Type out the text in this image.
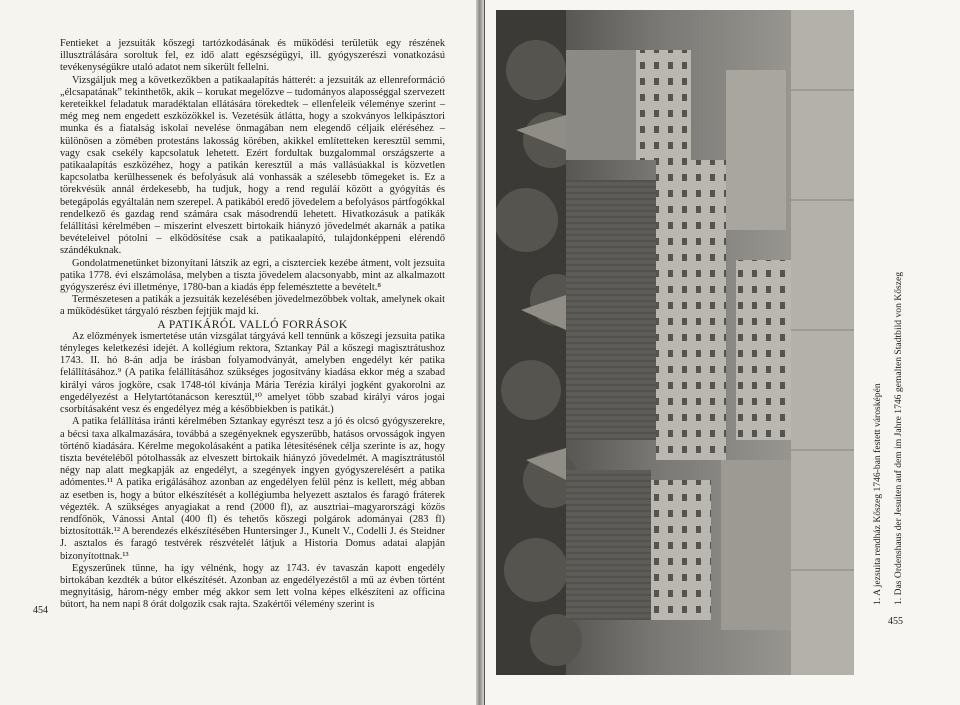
Fentieket a jezsuiták kőszegi tartózkodásának és működési területük egy részének illusztrálására soroltuk fel, ez idő alatt egészségügyi, ill. gyógyszerészi vonatkozású tevékenységükre utaló adatot nem sikerült fellelni.

Vizsgáljuk meg a következőkben a patikaalapítás hátterét: a jezsuiták az ellenreformáció „élcsapatának” tekinthetők, akik – korukat megelőzve – tudományos alaposséggal szervezett kereteikkel feladatuk maradéktalan ellátására törekedtek – ellenfeleik véleménye szerint – még meg nem engedett eszközökkel is. Vezetésük átlátta, hogy a szokványos lelkipásztori munka és a fiatalság iskolai nevelése önmagában nem elegendő céljaik eléréséhez – különösen a zömében protestáns lakosság körében, akikkel említetteken keresztül semmi, vagy csak csekély kapcsolatuk lehetett. Ezért fordultak buzgalommal országszerte a patikaalapítás eszközéhez, hogy a patikán keresztül a más vallásúakkal is közvetlen kapcsolatba kerülhessenek és befolyásuk alá vonhassák a szélesebb tömegeket is. Ez a törekvésük annál érdekesebb, ha tudjuk, hogy a rend reguláí között a gyógyítás és betegápolás egyáltalán nem szerepel. A patikából eredő jövedelem a befolyásos pártfogókkal rendelkező és gazdag rend számára csak másodrendű lehetett. Hivatkozásuk a patikák felállítási kérelmében – miszerint elveszett birtokaik hiányzó jövedelmét akarnák a patika bevételeivel pótolni – elködösítése csak a patikaalapító, tulajdonképpeni elérendő szándékuknak.

Gondolatmenetünket bizonyítani látszik az egri, a ciszterciek kezébe átment, volt jezsuita patika 1778. évi elszámolása, melyben a tiszta jövedelem alacsonyabb, mint az alkalmazott gyógyszerész évi illetménye, 1780-ban a kiadás épp felemésztette a bevételt.⁸

Természetesen a patikák a jezsuiták kezelésében jövedelmezőbbek voltak, amelynek okait a működésüket tárgyaló részben fejtjük majd ki.

A PATIKÁRÓL VALLÓ FORRÁSOK

Az előzmények ismertetése után vizsgálat tárgyává kell tennünk a kőszegi jezsuita patika tényleges keletkezési idejét. A kollégium rektora, Sztankay Pál a kőszegi magisztrátushoz 1743. II. hó 8-án adja be írásban folyamodványát, amelyben engedélyt kér patika felállításához.⁹ (A patika felállításához szükséges jogosítvány kiadása ekkor még a szabad királyi város jogköre, csak 1748-tól kívánja Mária Terézia királyi jogként gyakorolni az engedélyezést a Helytartótanácson keresztül,¹⁰ amelyet több szabad királyi város jogai csorbításaként vesz és engedélyez még a későbbiekben is patikát.)

A patika felállítása iránti kérelmében Sztankay egyrészt tesz a jó és olcsó gyógyszerekre, a bécsi taxa alkalmazására, továbbá a szegényeknek egyszerűbb, hatásos orvosságok ingyen történő kiadására. Kérelme megokolásaként a patika létesítésének célja szerinte is az, hogy tiszta bevételéből pótolhassák az elveszett birtokaik hiányzó jövedelmét. A magisztrátustól négy nap alatt megkapják az engedélyt, a szegények ingyen gyógyszerelésért a patika adómentes.¹¹ A patika erigálásához azonban az engedélyen felül pénz is kellett, még abban az esetben is, hogy a bútor elkészítését a kollégiumba helyezett asztalos és faragó fráterek végezték. A szükséges anyagiakat a rend (2000 fl), az ausztriai–magyarországi közös rendfőnök, Vánossi Antal (400 fl) és tehetős kőszegi polgárok adományai (283 fl) biztosították.¹² A berendezés elkészítésében Huntersinger J., Kunelt V., Codelli J. és Steidner J. asztalos és faragó testvérek részvételét látjuk a Historia Domus adatai alapján bizonyítottnak.¹³

Egyszerűnek tűnne, ha így vélnénk, hogy az 1743. év tavaszán kapott engedély birtokában kezdték a bútor elkészítését. Azonban az engedélyezéstől a mű az évben történt megnyitásig, három-négy ember még akkor sem lett volna képes elkészíteni az officina bútort, ha nem napi 8 órát dolgozik csak rajta. Szakértői vélemény szerint is

454
1. A jezsuita rendház Kőszeg 1746-ban festett városképén 1. Das Ordenshaus der Jesuiten auf dem im Jahre 1746 gemalten Stadtbild von Kőszeg
455
